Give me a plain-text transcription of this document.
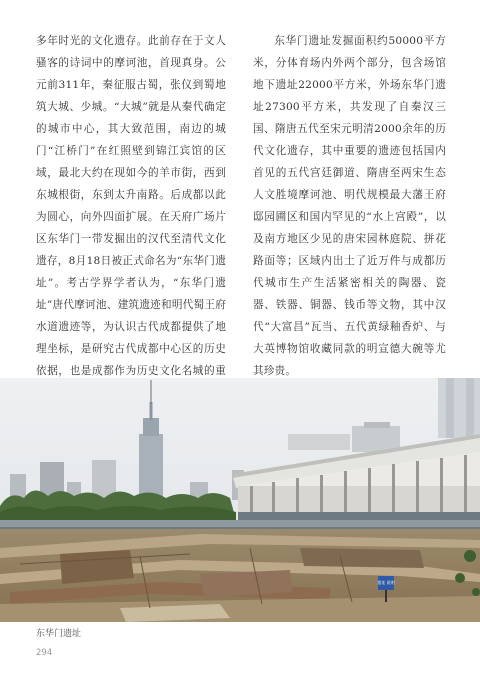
多年时光的文化遗存。此前存在于文人骚客的诗词中的摩诃池，首现真身。公元前311年，秦征服古蜀，张仪到蜀地筑大城、少城。“大城”就是从秦代确定的城市中心，其大致范围，南边的城门“江桥门”在红照壁到锦江宾馆的区域，最北大约在现如今的羊市街，西到东城根街，东到太升南路。后成都以此为圆心，向外四面扩展。在天府广场片区东华门一带发掘出的汉代至清代文化遗存，8月18日被正式命名为“东华门遗址”。考古学界学者认为，“东华门遗址”唐代摩诃池、建筑遗迹和明代蜀王府水道遗迹等，为认识古代成都提供了地理坐标，是研究古代成都中心区的历史依据，也是成都作为历史文化名城的重

东华门遗址发掘面积约50000平方米，分体育场内外两个部分，包含场馆地下遗址22000平方米，外场东华门遗址27300平方米，共发现了自秦汉三国、隋唐五代至宋元明清2000余年的历代文化遗存，其中重要的遗迹包括国内首见的五代宫廷御道、隋唐至两宋生态人文胜境摩诃池、明代规模最大藩王府邸园圃区和国内罕见的“水上宫殿”，以及南方地区少见的唐宋园林庭院、拼花路面等；区域内出土了近万件与成都历代城市生产生活紧密相关的陶器、瓷器、铁器、铜器、钱币等文物，其中汉代“大富昌”瓦当、五代黄绿釉香炉、与大英博物馆收藏同款的明宣德大碗等尤其珍贵。

遗址 说明
东华门遗址
294
